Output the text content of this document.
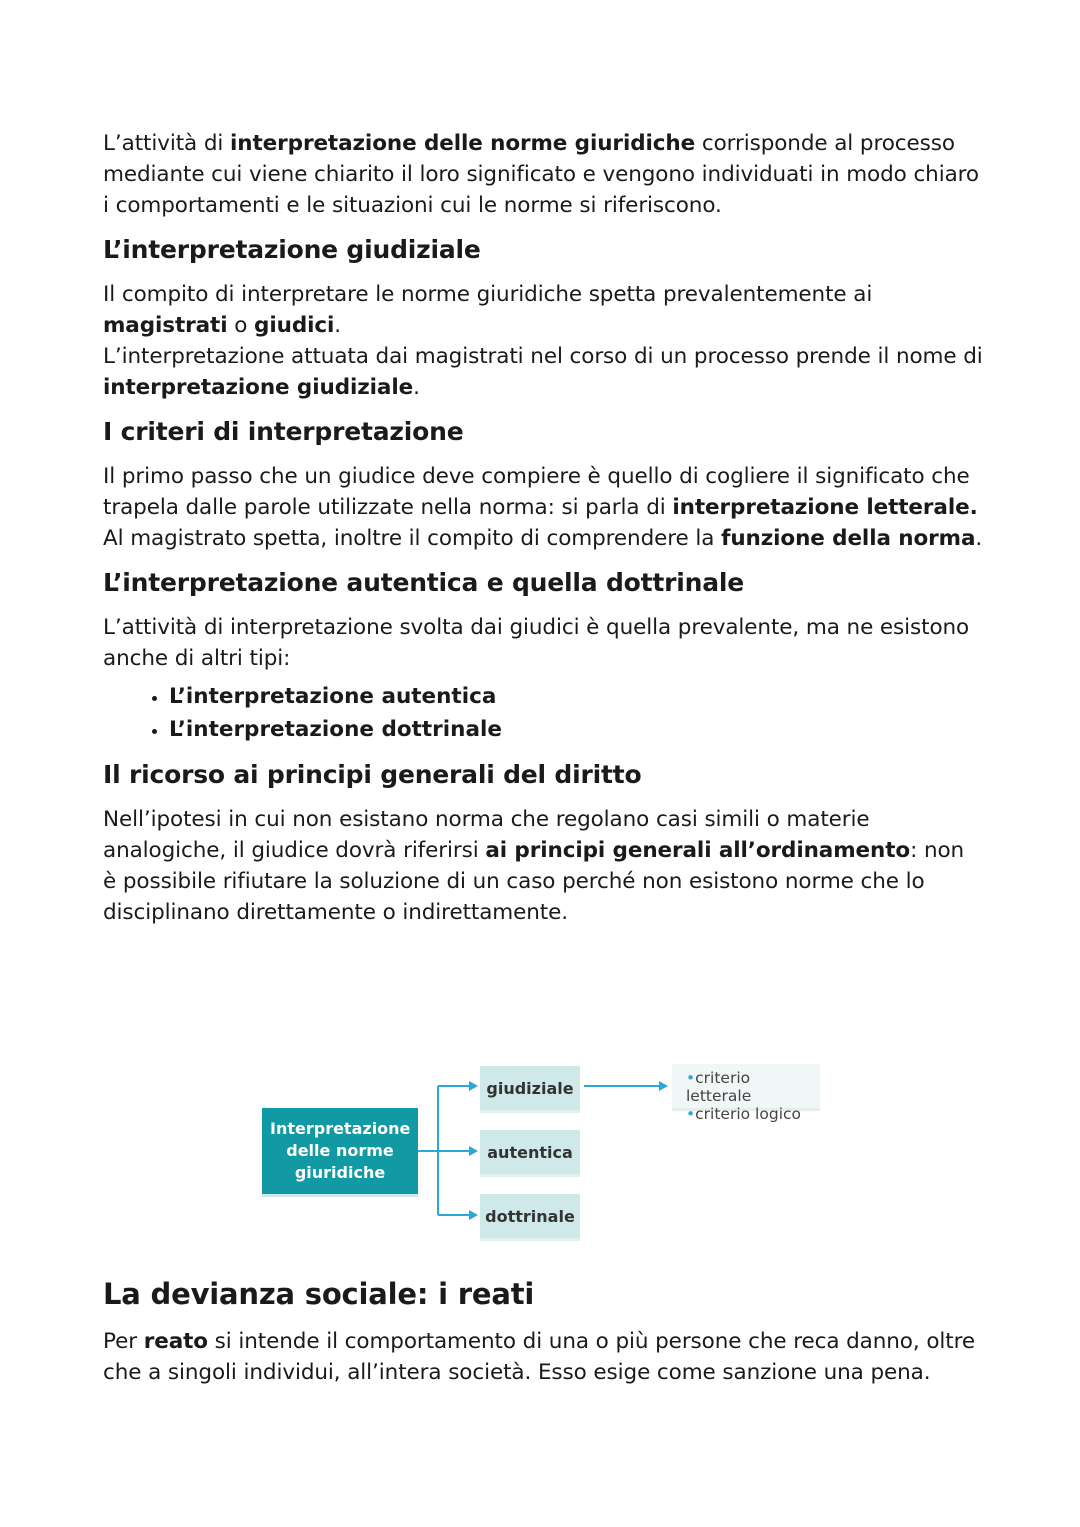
L’attività di interpretazione delle norme giuridiche corrisponde al processo mediante cui viene chiarito il loro significato e vengono individuati in modo chiaro i comportamenti e le situazioni cui le norme si riferiscono.

L’interpretazione giudiziale

Il compito di interpretare le norme giuridiche spetta prevalentemente ai magistrati o giudici.

L’interpretazione attuata dai magistrati nel corso di un processo prende il nome di interpretazione giudiziale.

I criteri di interpretazione

Il primo passo che un giudice deve compiere è quello di cogliere il significato che trapela dalle parole utilizzate nella norma: si parla di interpretazione letterale.

Al magistrato spetta, inoltre il compito di comprendere la funzione della norma.

L’interpretazione autentica e quella dottrinale

L’attività di interpretazione svolta dai giudici è quella prevalente, ma ne esistono anche di altri tipi:

• L’interpretazione autentica
• L’interpretazione dottrinale
Il ricorso ai principi generali del diritto

Nell’ipotesi in cui non esistano norma che regolano casi simili o materie analogiche, il giudice dovrà riferirsi ai principi generali all’ordinamento: non è possibile rifiutare la soluzione di un caso perché non esistono norme che lo disciplinano direttamente o indirettamente.

Interpretazione
delle norme
giuridiche
giudiziale
autentica
dottrinale
•criterio letterale
•criterio logico
La devianza sociale: i reati

Per reato si intende il comportamento di una o più persone che reca danno, oltre che a singoli individui, all’intera società. Esso esige come sanzione una pena.
